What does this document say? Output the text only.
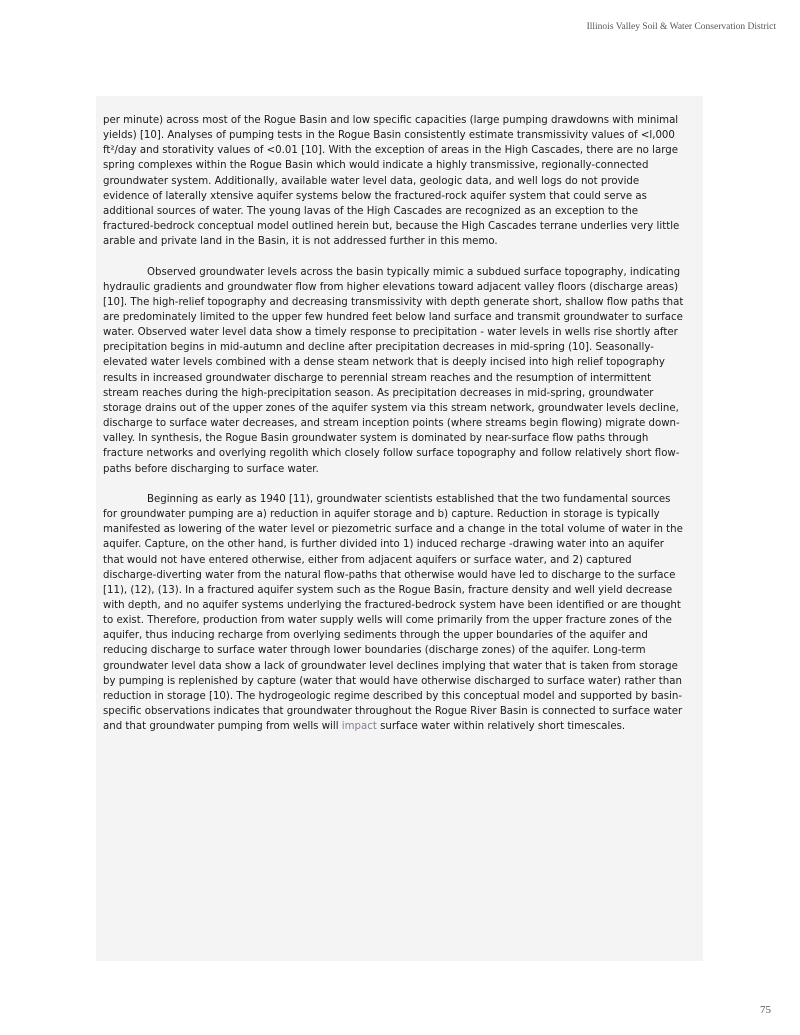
Illinois Valley Soil & Water Conservation District

per minute) across most of the Rogue Basin and low specific capacities (large pumping drawdowns with minimal yields) [10]. Analyses of pumping tests in the Rogue Basin consistently estimate transmissivity values of <l,000 ft²/day and storativity values of <0.01 [10]. With the exception of areas in the High Cascades, there are no large spring complexes within the Rogue Basin which would indicate a highly transmissive, regionally-connected groundwater system. Additionally, available water level data, geologic data, and well logs do not provide evidence of laterally xtensive aquifer systems below the fractured-rock aquifer system that could serve as additional sources of water. The young lavas of the High Cascades are recognized as an exception to the fractured-bedrock conceptual model outlined herein but, because the High Cascades terrane underlies very little arable and private land in the Basin, it is not addressed further in this memo.

Observed groundwater levels across the basin typically mimic a subdued surface topography, indicating hydraulic gradients and groundwater flow from higher elevations toward adjacent valley floors (discharge areas) [10]. The high-relief topography and decreasing transmissivity with depth generate short, shallow flow paths that are predominately limited to the upper few hundred feet below land surface and transmit groundwater to surface water. Observed water level data show a timely response to precipitation - water levels in wells rise shortly after precipitation begins in mid-autumn and decline after precipitation decreases in mid-spring (10]. Seasonally-elevated water levels combined with a dense steam network that is deeply incised into high relief topography results in increased groundwater discharge to perennial stream reaches and the resumption of intermittent stream reaches during the high-precipitation season. As precipitation decreases in mid-spring, groundwater storage drains out of the upper zones of the aquifer system via this stream network, groundwater levels decline, discharge to surface water decreases, and stream inception points (where streams begin flowing) migrate down-valley. In synthesis, the Rogue Basin groundwater system is dominated by near-surface flow paths through fracture networks and overlying regolith which closely follow surface topography and follow relatively short flow-paths before discharging to surface water.

Beginning as early as 1940 [11), groundwater scientists established that the two fundamental sources for groundwater pumping are a) reduction in aquifer storage and b) capture. Reduction in storage is typically manifested as lowering of the water level or piezometric surface and a change in the total volume of water in the aquifer. Capture, on the other hand, is further divided into 1) induced recharge -drawing water into an aquifer that would not have entered otherwise, either from adjacent aquifers or surface water, and 2) captured discharge-diverting water from the natural flow-paths that otherwise would have led to discharge to the surface [11), (12), (13). In a fractured aquifer system such as the Rogue Basin, fracture density and well yield decrease with depth, and no aquifer systems underlying the fractured-bedrock system have been identified or are thought to exist. Therefore, production from water supply wells will come primarily from the upper fracture zones of the aquifer, thus inducing recharge from overlying sediments through the upper boundaries of the aquifer and reducing discharge to surface water through lower boundaries (discharge zones) of the aquifer. Long-term groundwater level data show a lack of groundwater level declines implying that water that is taken from storage by pumping is replenished by capture (water that would have otherwise discharged to surface water) rather than reduction in storage [10). The hydrogeologic regime described by this conceptual model and supported by basin-specific observations indicates that groundwater throughout the Rogue River Basin is connected to surface water and that groundwater pumping from wells will impact surface water within relatively short timescales.

75
